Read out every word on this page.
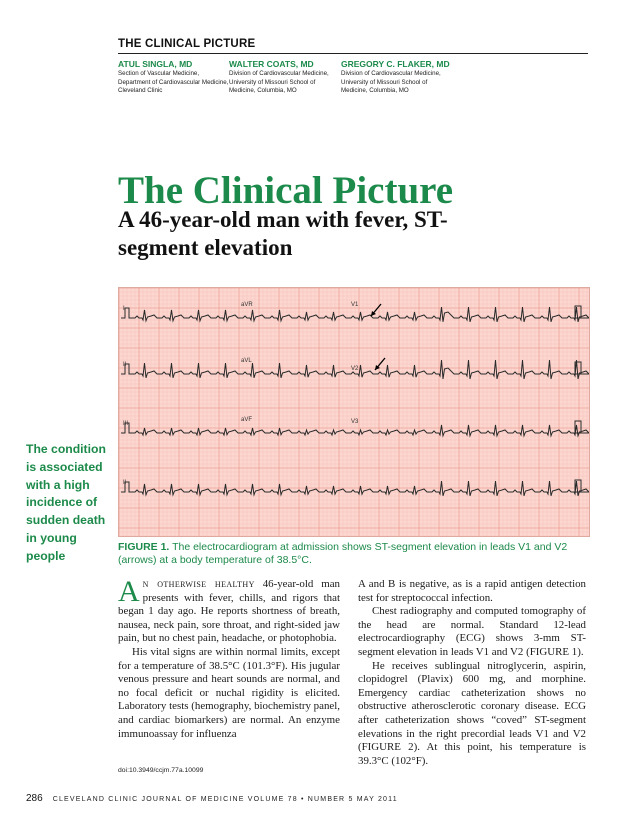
THE CLINICAL PICTURE
ATUL SINGLA, MD
Section of Vascular Medicine, Department of Cardiovascular Medicine, Cleveland Clinic
WALTER COATS, MD
Division of Cardiovascular Medicine, University of Missouri School of Medicine, Columbia, MO
GREGORY C. FLAKER, MD
Division of Cardiovascular Medicine, University of Missouri School of Medicine, Columbia, MO
The Clinical Picture
A 46-year-old man with fever, ST-segment elevation
I
aVR	V1
II
aVL
V2
III
aVF	V3
II
The condition is associated with a high incidence of sudden death in young people
FIGURE 1. The electrocardiogram at admission shows ST-segment elevation in leads V1 and V2 (arrows) at a body temperature of 38.5°C.

An otherwise healthy 46-year-old man presents with fever, chills, and rigors that began 1 day ago. He reports shortness of breath, nausea, neck pain, sore throat, and right-sided jaw pain, but no chest pain, headache, or photophobia.

His vital signs are within normal limits, except for a temperature of 38.5°C (101.3°F). His jugular venous pressure and heart sounds are normal, and no focal deficit or nuchal rigidity is elicited. Laboratory tests (hemography, biochemistry panel, and cardiac biomarkers) are normal. An enzyme immunoassay for influenza

A and B is negative, as is a rapid antigen detection test for streptococcal infection.

Chest radiography and computed tomography of the head are normal. Standard 12-lead electrocardiography (ECG) shows 3-mm ST-segment elevation in leads V1 and V2 (FIGURE 1).

He receives sublingual nitroglycerin, aspirin, clopidogrel (Plavix) 600 mg, and morphine. Emergency cardiac catheterization shows no obstructive atherosclerotic coronary disease. ECG after catheterization shows “coved” ST-segment elevations in the right precordial leads V1 and V2 (FIGURE 2). At this point, his temperature is 39.3°C (102°F).

doi:10.3949/ccjm.77a.10099
286 CLEVELAND CLINIC JOURNAL OF MEDICINE VOLUME 78 • NUMBER 5 MAY 2011
